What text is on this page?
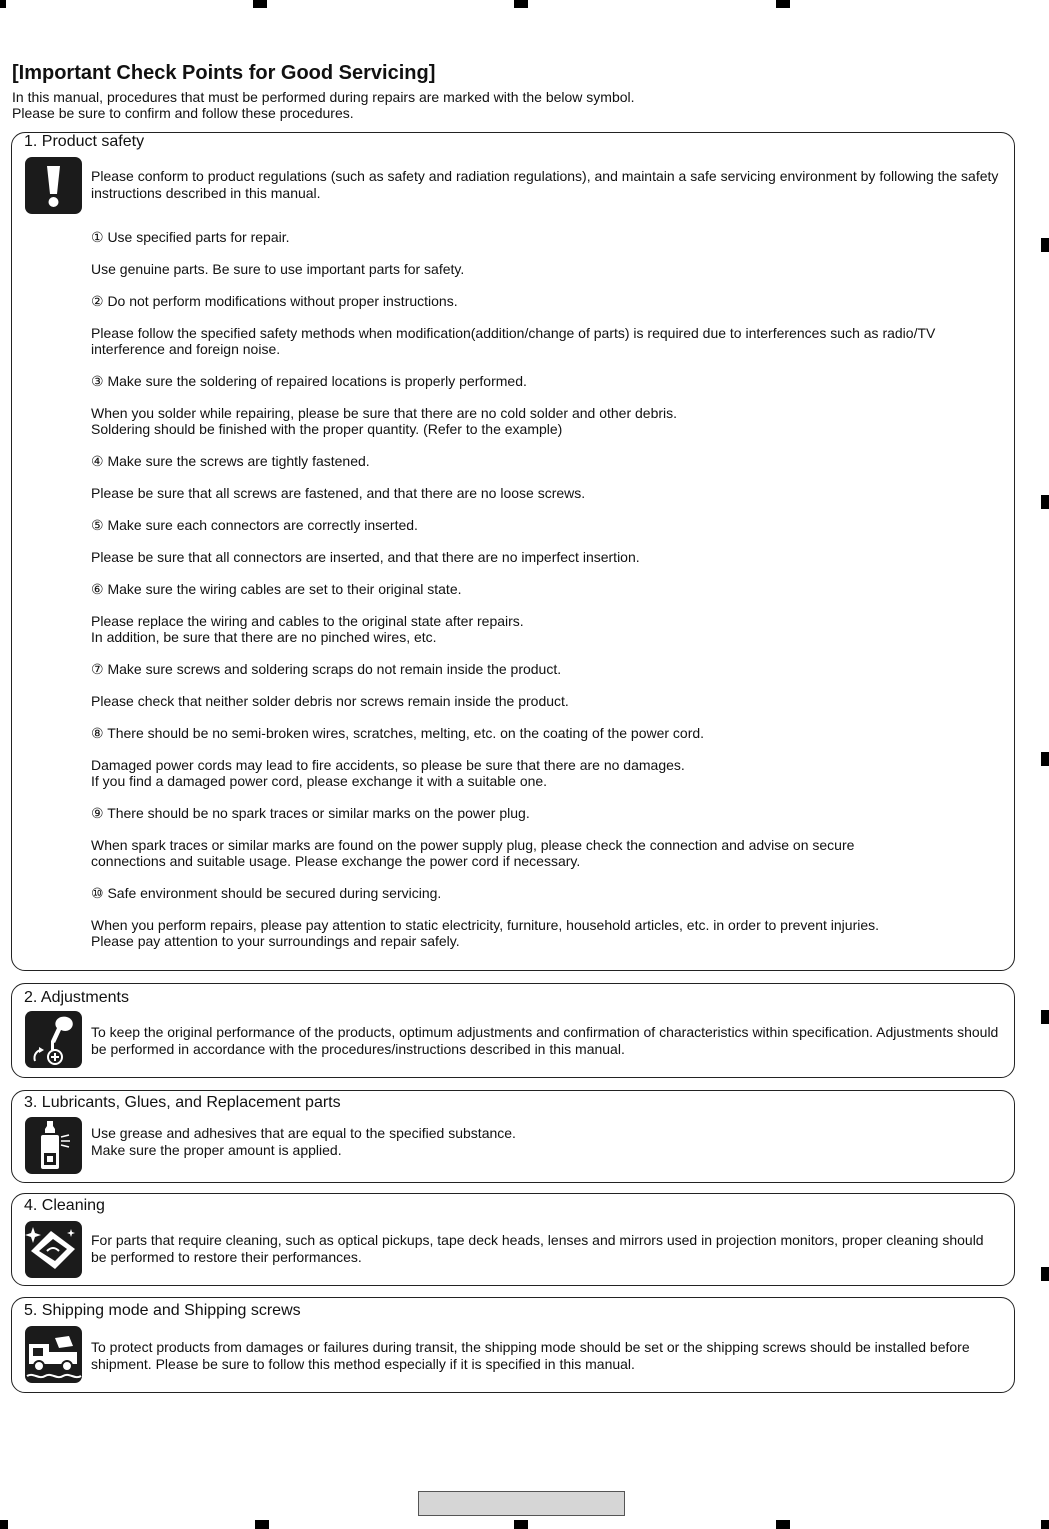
[Important Check Points for Good Servicing]
In this manual, procedures that must be performed during repairs are marked with the below symbol.
Please be sure to confirm and follow these procedures.
1. Product safety
Please conform to product regulations (such as safety and radiation regulations), and maintain a safe servicing environment by following the safety instructions described in this manual.
① Use specified parts for repair.
Use genuine parts. Be sure to use important parts for safety.
② Do not perform modifications without proper instructions.
Please follow the specified safety methods when modification(addition/change of parts) is required due to interferences such as radio/TV interference and foreign noise.
③ Make sure the soldering of repaired locations is properly performed.
When you solder while repairing, please be sure that there are no cold solder and other debris.
Soldering should be finished with the proper quantity. (Refer to the example)
④ Make sure the screws are tightly fastened.
Please be sure that all screws are fastened, and that there are no loose screws.
⑤ Make sure each connectors are correctly inserted.
Please be sure that all connectors are inserted, and that there are no imperfect insertion.
⑥ Make sure the wiring cables are set to their original state.
Please replace the wiring and cables to the original state after repairs.
In addition, be sure that there are no pinched wires, etc.
⑦ Make sure screws and soldering scraps do not remain inside the product.
Please check that neither solder debris nor screws remain inside the product.
⑧ There should be no semi-broken wires, scratches, melting, etc. on the coating of the power cord.
Damaged power cords may lead to fire accidents, so please be sure that there are no damages.
If you find a damaged power cord, please exchange it with a suitable one.
⑨ There should be no spark traces or similar marks on the power plug.
When spark traces or similar marks are found on the power supply plug, please check the connection and advise on secure
connections and suitable usage. Please exchange the power cord if necessary.
⑩ Safe environment should be secured during servicing.
When you perform repairs, please pay attention to static electricity, furniture, household articles, etc. in order to prevent injuries.
Please pay attention to your surroundings and repair safely.
2. Adjustments
To keep the original performance of the products, optimum adjustments and confirmation of characteristics within specification. Adjustments should be performed in accordance with the procedures/instructions described in this manual.
3. Lubricants, Glues, and Replacement parts
Use grease and adhesives that are equal to the specified substance.
Make sure the proper amount is applied.
4. Cleaning
For parts that require cleaning, such as optical pickups, tape deck heads, lenses and mirrors used in projection monitors, proper cleaning should be performed to restore their performances.
5. Shipping mode and Shipping screws
To protect products from damages or failures during transit, the shipping mode should be set or the shipping screws should be installed before shipment. Please be sure to follow this method especially if it is specified in this manual.
